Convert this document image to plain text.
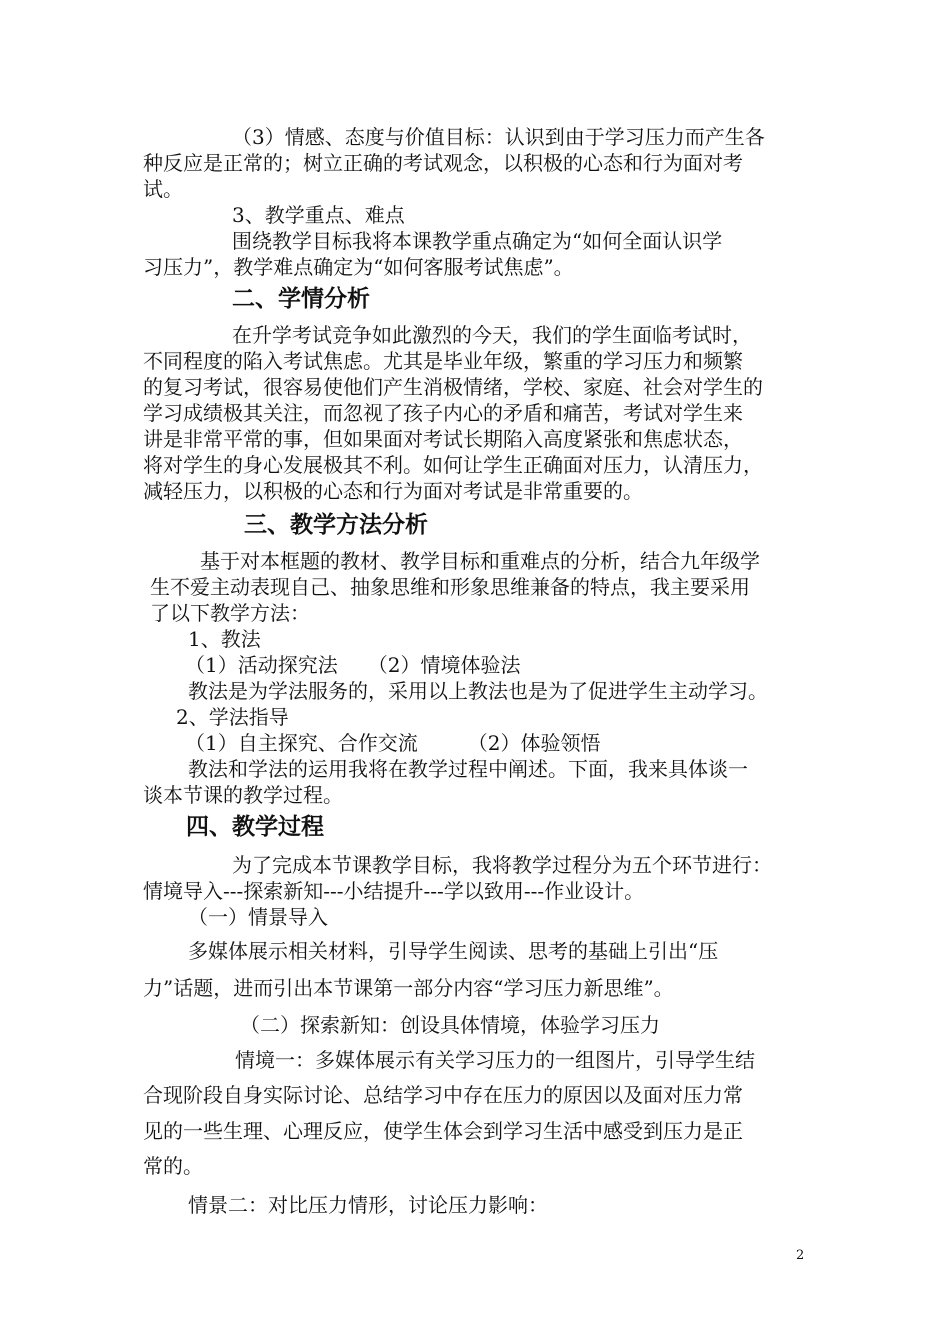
（3）情感、态度与价值目标：认识到由于学习压力而产生各
种反应是正常的；树立正确的考试观念，以积极的心态和行为面对考
试。
3、教学重点、难点
围绕教学目标我将本课教学重点确定为“如何全面认识学
习压力”，教学难点确定为“如何客服考试焦虑”。
二、学情分析
在升学考试竞争如此激烈的今天，我们的学生面临考试时，
不同程度的陷入考试焦虑。尤其是毕业年级，繁重的学习压力和频繁
的复习考试，很容易使他们产生消极情绪，学校、家庭、社会对学生的
学习成绩极其关注，而忽视了孩子内心的矛盾和痛苦，考试对学生来
讲是非常平常的事，但如果面对考试长期陷入高度紧张和焦虑状态，
将对学生的身心发展极其不利。如何让学生正确面对压力，认清压力，
减轻压力，以积极的心态和行为面对考试是非常重要的。
三、教学方法分析
基于对本框题的教材、教学目标和重难点的分析，结合九年级学
生不爱主动表现自己、抽象思维和形象思维兼备的特点，我主要采用
了以下教学方法：
1、教法
（1）活动探究法　　（2）情境体验法
教法是为学法服务的，采用以上教法也是为了促进学生主动学习。
2、学法指导
（1）自主探究、合作交流　　　（2）体验领悟
教法和学法的运用我将在教学过程中阐述。下面，我来具体谈一
谈本节课的教学过程。
四、教学过程
为了完成本节课教学目标，我将教学过程分为五个环节进行：
情境导入---探索新知---小结提升---学以致用---作业设计。
（一）情景导入
多媒体展示相关材料，引导学生阅读、思考的基础上引出“压
力”话题，进而引出本节课第一部分内容“学习压力新思维”。
（二）探索新知：创设具体情境，体验学习压力
情境一：多媒体展示有关学习压力的一组图片，引导学生结
合现阶段自身实际讨论、总结学习中存在压力的原因以及面对压力常
见的一些生理、心理反应，使学生体会到学习生活中感受到压力是正
常的。
情景二：对比压力情形，讨论压力影响：
2
